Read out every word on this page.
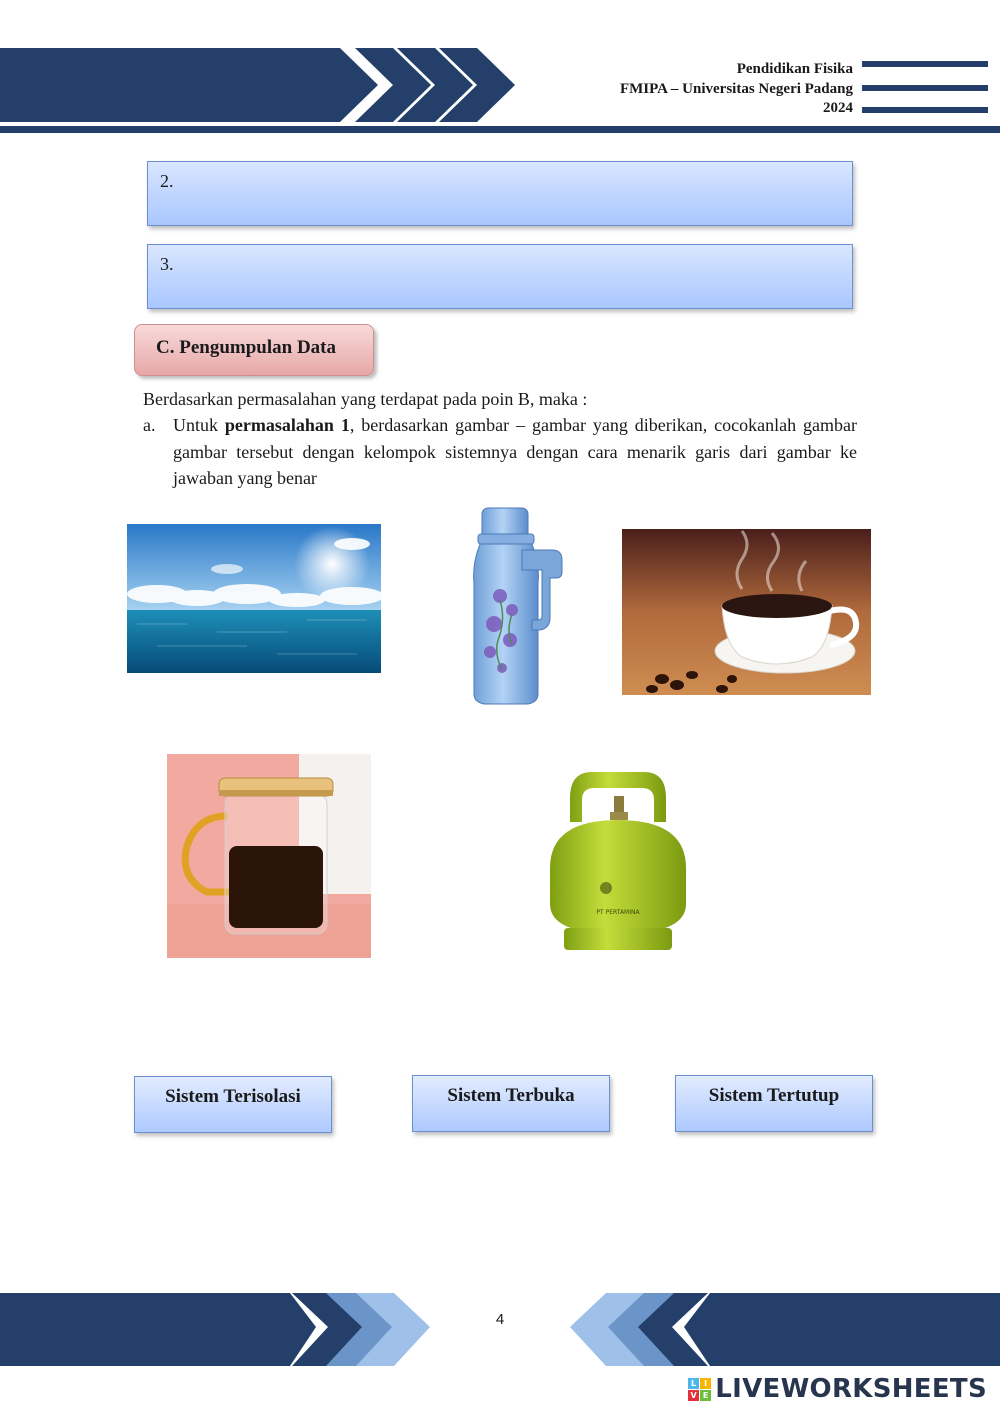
Pendidikan Fisika
FMIPA – Universitas Negeri Padang
2024
2.
3.
C. Pengumpulan Data
Berdasarkan permasalahan yang terdapat pada poin B, maka :
a. Untuk permasalahan 1, berdasarkan gambar – gambar yang diberikan, cocokanlah gambar gambar tersebut dengan kelompok sistemnya dengan cara menarik garis dari gambar ke jawaban yang benar
PT PERTAMINA
Sistem Terisolasi	Sistem Terbuka	Sistem Tertutup
4
L I
V E LIVEWORKSHEETS
